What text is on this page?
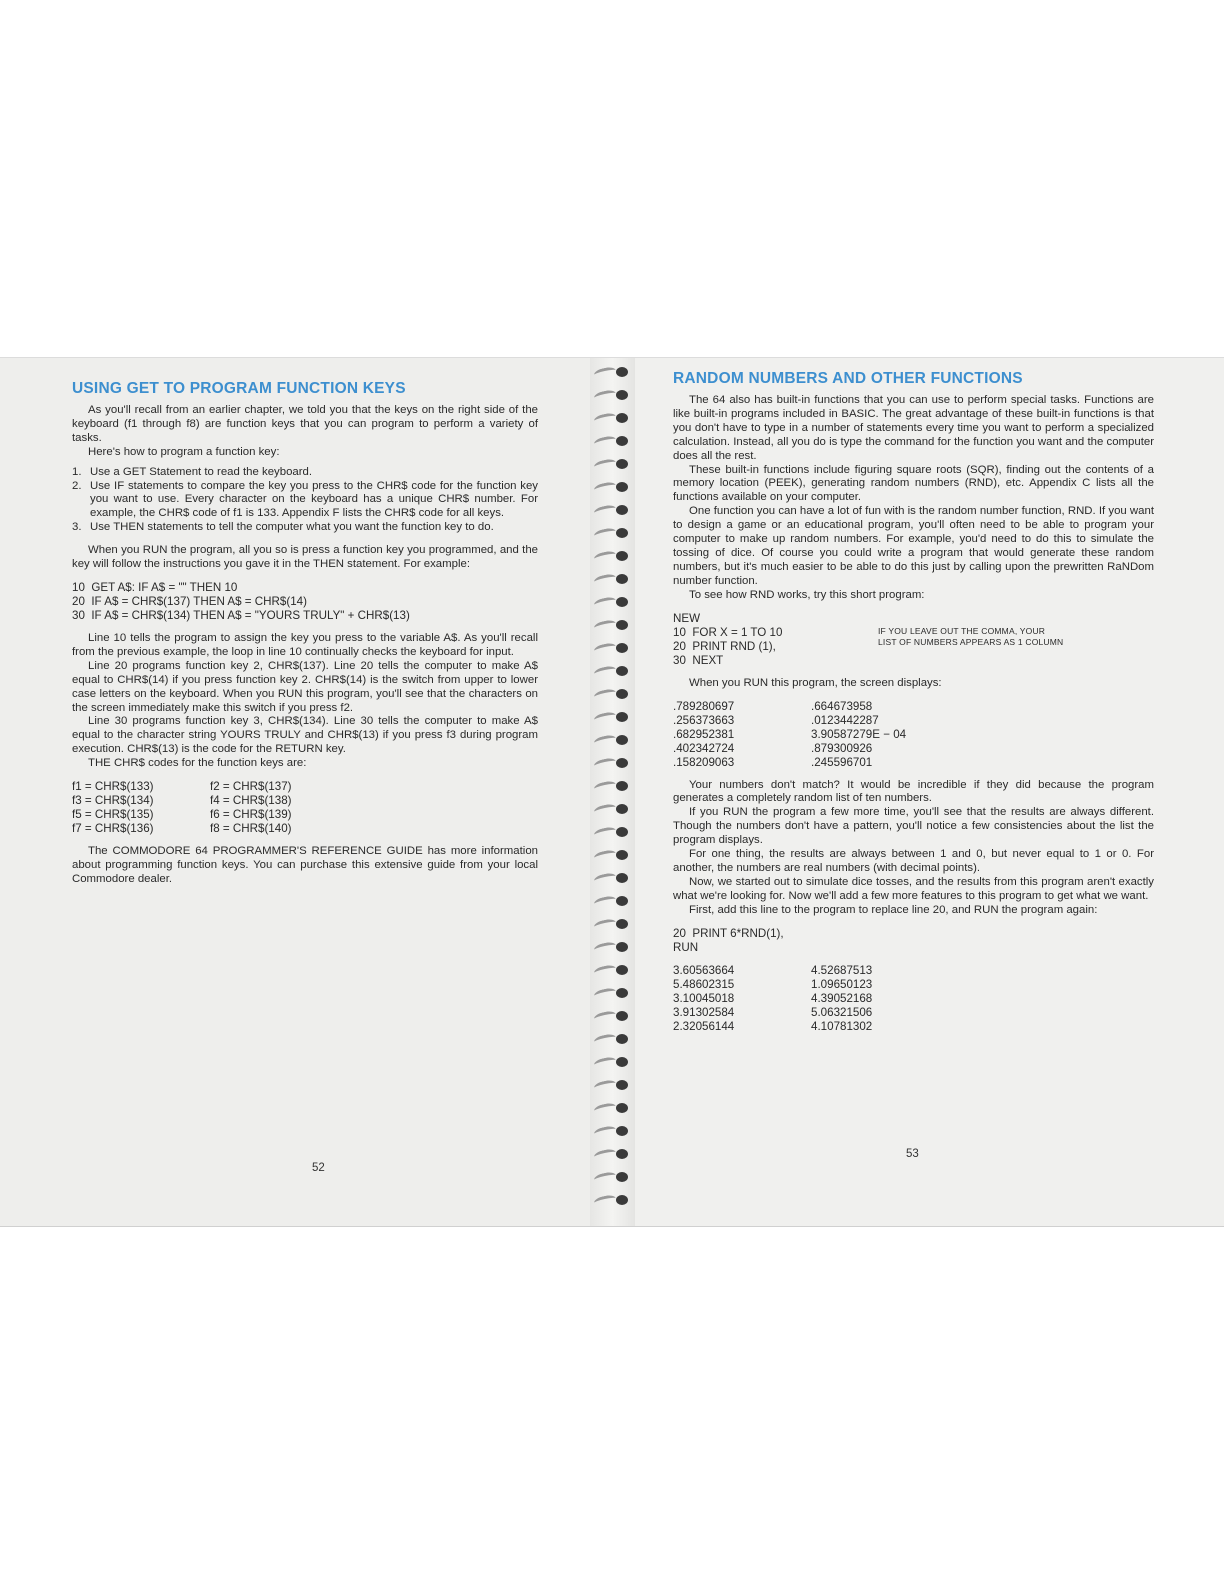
USING GET TO PROGRAM FUNCTION KEYS

As you'll recall from an earlier chapter, we told you that the keys on the right side of the keyboard (f1 through f8) are function keys that you can program to perform a variety of tasks.

Here's how to program a function key:

1. Use a GET Statement to read the keyboard.
2. Use IF statements to compare the key you press to the CHR$ code for the function key you want to use. Every character on the keyboard has a unique CHR$ number. For example, the CHR$ code of f1 is 133. Appendix F lists the CHR$ code for all keys.
3. Use THEN statements to tell the computer what you want the function key to do.

When you RUN the program, all you so is press a function key you programmed, and the key will follow the instructions you gave it in the THEN statement. For example:

10  GET A$: IF A$ = "" THEN 10
20  IF A$ = CHR$(137) THEN A$ = CHR$(14)
30  IF A$ = CHR$(134) THEN A$ = "YOURS TRULY" + CHR$(13)

Line 10 tells the program to assign the key you press to the variable A$. As you'll recall from the previous example, the loop in line 10 continually checks the keyboard for input.

Line 20 programs function key 2, CHR$(137). Line 20 tells the computer to make A$ equal to CHR$(14) if you press function key 2. CHR$(14) is the switch from upper to lower case letters on the keyboard. When you RUN this program, you'll see that the characters on the screen immediately make this switch if you press f2.

Line 30 programs function key 3, CHR$(134). Line 30 tells the computer to make A$ equal to the character string YOURS TRULY and CHR$(13) if you press f3 during program execution. CHR$(13) is the code for the RETURN key.

THE CHR$ codes for the function keys are:

f1 = CHR$(133)
f3 = CHR$(134)
f5 = CHR$(135)
f7 = CHR$(136)
f2 = CHR$(137)
f4 = CHR$(138)
f6 = CHR$(139)
f8 = CHR$(140)

The COMMODORE 64 PROGRAMMER'S REFERENCE GUIDE has more information about programming function keys. You can purchase this extensive guide from your local Commodore dealer.

52
RANDOM NUMBERS AND OTHER FUNCTIONS

The 64 also has built-in functions that you can use to perform special tasks. Functions are like built-in programs included in BASIC. The great advantage of these built-in functions is that you don't have to type in a number of statements every time you want to perform a specialized calculation. Instead, all you do is type the command for the function you want and the computer does all the rest.

These built-in functions include figuring square roots (SQR), finding out the contents of a memory location (PEEK), generating random numbers (RND), etc. Appendix C lists all the functions available on your computer.

One function you can have a lot of fun with is the random number function, RND. If you want to design a game or an educational program, you'll often need to be able to program your computer to make up random numbers. For example, you'd need to do this to simulate the tossing of dice. Of course you could write a program that would generate these random numbers, but it's much easier to be able to do this just by calling upon the prewritten RaNDom number function.

To see how RND works, try this short program:

NEW
10  FOR X = 1 TO 10
20  PRINT RND (1),
30  NEXT
IF YOU LEAVE OUT THE COMMA, YOUR
LIST OF NUMBERS APPEARS AS 1 COLUMN

When you RUN this program, the screen displays:

.789280697
.256373663
.682952381
.402342724
.158209063
.664673958
.0123442287
3.90587279E − 04
.879300926
.245596701

Your numbers don't match? It would be incredible if they did because the program generates a completely random list of ten numbers.

If you RUN the program a few more time, you'll see that the results are always different. Though the numbers don't have a pattern, you'll notice a few consistencies about the list the program displays.

For one thing, the results are always between 1 and 0, but never equal to 1 or 0. For another, the numbers are real numbers (with decimal points).

Now, we started out to simulate dice tosses, and the results from this program aren't exactly what we're looking for. Now we'll add a few more features to this program to get what we want.

First, add this line to the program to replace line 20, and RUN the program again:

20  PRINT 6*RND(1),
RUN
3.60563664
5.48602315
3.10045018
3.91302584
2.32056144
4.52687513
1.09650123
4.39052168
5.06321506
4.10781302
53
